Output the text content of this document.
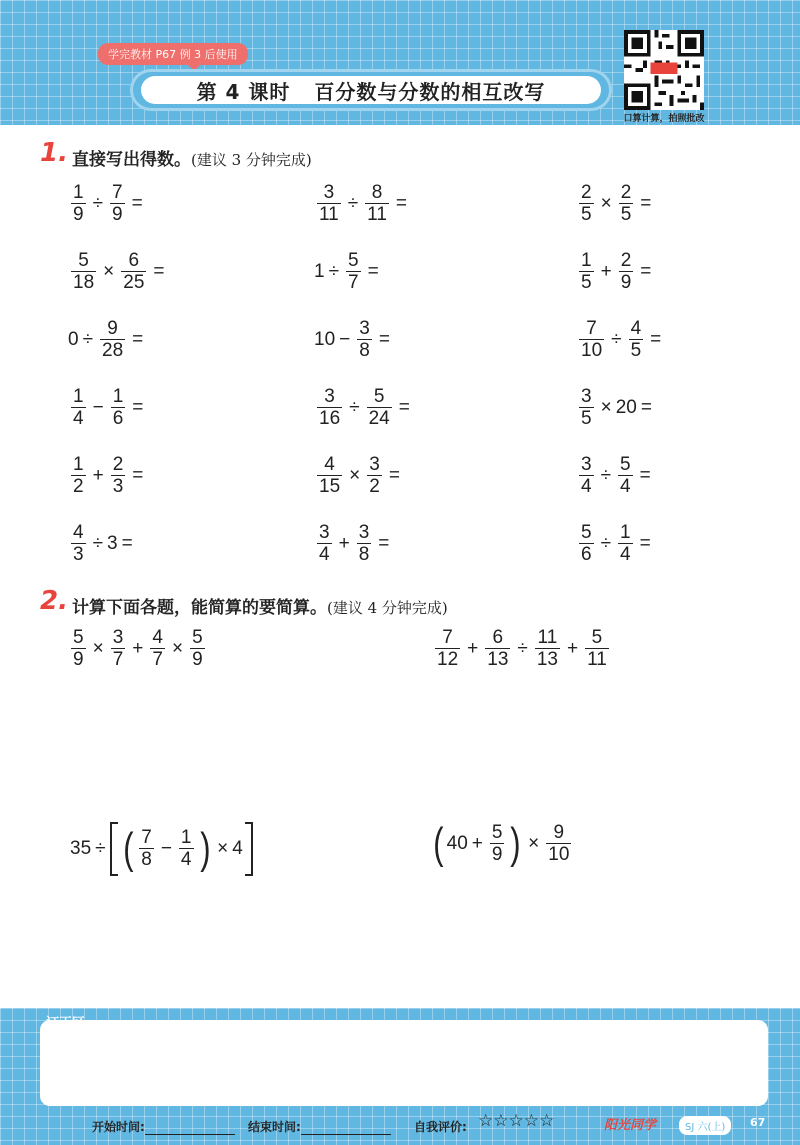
学完教材 P67 例 3 后使用
第 4 课时 百分数与分数的相互改写
口算计算，拍照批改
1. 直接写出得数。(建议 3 分钟完成)
$\frac{1}{9} \div \frac{7}{9}$ =	$\frac{3}{11} \div \frac{8}{11}$ =	$\frac{2}{5} \times \frac{2}{5}$ =
$\frac{5}{18} \times \frac{6}{25}$ =	$1 \div \frac{5}{7}$ =	$\frac{1}{5} + \frac{2}{9}$ =
$0 \div \frac{9}{28}$ =	$10 - \frac{3}{8}$ =	$\frac{7}{10} \div \frac{4}{5}$ =
$\frac{1}{4} - \frac{1}{6}$ =	$\frac{3}{16} \div \frac{5}{24}$ =	$\frac{3}{5} \times 20$ =
$\frac{1}{2} + \frac{2}{3}$ =	$\frac{4}{15} \times \frac{3}{2}$ =	$\frac{3}{4} \div \frac{5}{4}$ =
$\frac{4}{3} \div 3$ =	$\frac{3}{4} + \frac{3}{8}$ =	$\frac{5}{6} \div \frac{1}{4}$ =
2. 计算下面各题，能简算的要简算。(建议 4 分钟完成)
$\frac{5}{9} \times \frac{3}{7} + \frac{4}{7} \times \frac{5}{9}$	$\frac{7}{12} + \frac{6}{13} \div \frac{11}{13} + \frac{5}{11}$
35 ÷ ( $\frac{7}{8} - \frac{1}{4}$ ) × 4	( $40 + \frac{5}{9}$ ) × $\frac{9}{10}$
订正区
开始时间:	结束时间:	自我评价: ☆ ☆ ☆ ☆ ☆	阳光同学	SJ 六(上)	67
